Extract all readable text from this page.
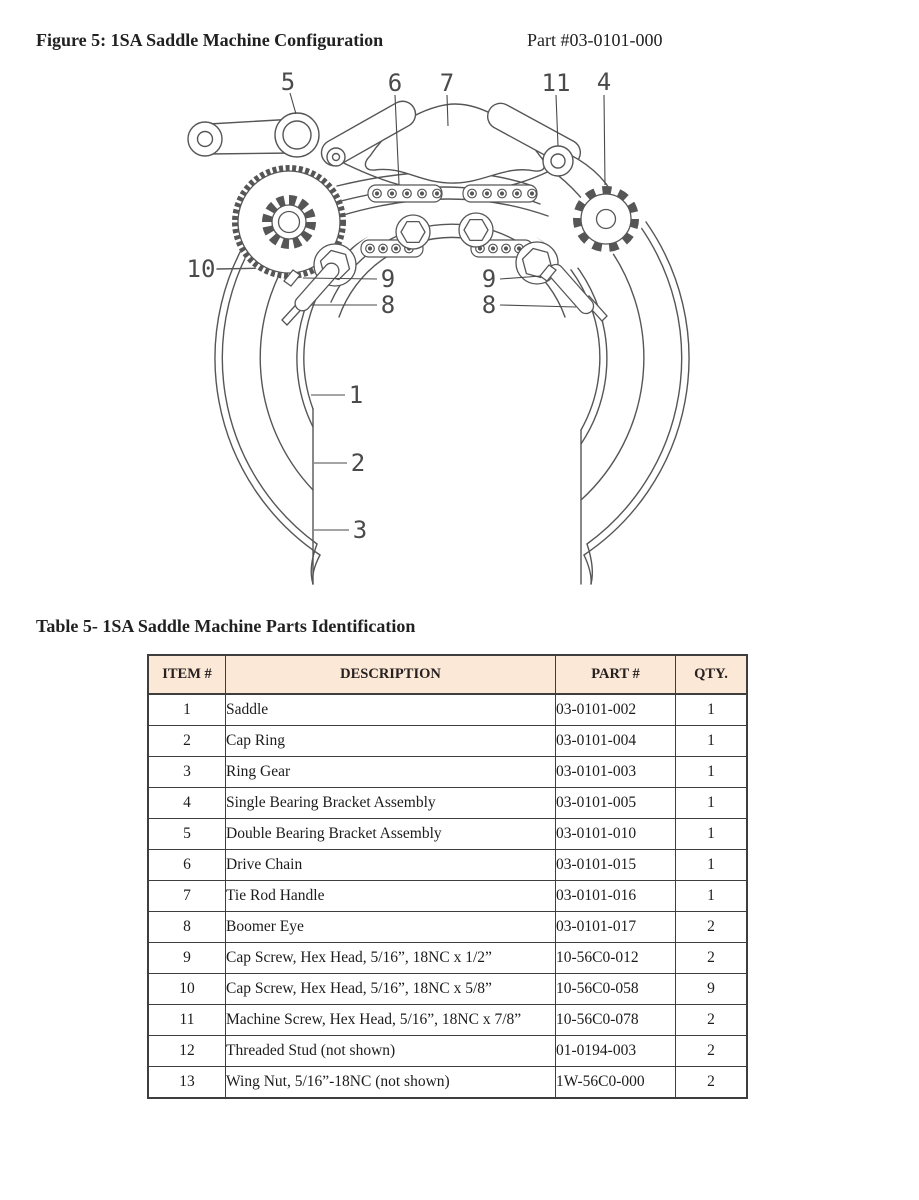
Figure 5: 1SA Saddle Machine Configuration	Part #03-0101-000
5	6 7	11 4
10	9
8
9
8
1
2
3
Table 5- 1SA Saddle Machine Parts Identification
ITEM #	DESCRIPTION	PART #	QTY.
1	Saddle	03-0101-002	1
2	Cap Ring	03-0101-004	1
3	Ring Gear	03-0101-003	1
4	Single Bearing Bracket Assembly	03-0101-005	1
5	Double Bearing Bracket Assembly	03-0101-010	1
6	Drive Chain	03-0101-015	1
7	Tie Rod Handle	03-0101-016	1
8	Boomer Eye	03-0101-017	2
9	Cap Screw, Hex Head, 5/16”, 18NC x 1/2”	10-56C0-012	2
10	Cap Screw, Hex Head, 5/16”, 18NC x 5/8”	10-56C0-058	9
11	Machine Screw, Hex Head, 5/16”, 18NC x 7/8”	10-56C0-078	2
12	Threaded Stud (not shown)	01-0194-003	2
13	Wing Nut, 5/16”-18NC (not shown)	1W-56C0-000	2
